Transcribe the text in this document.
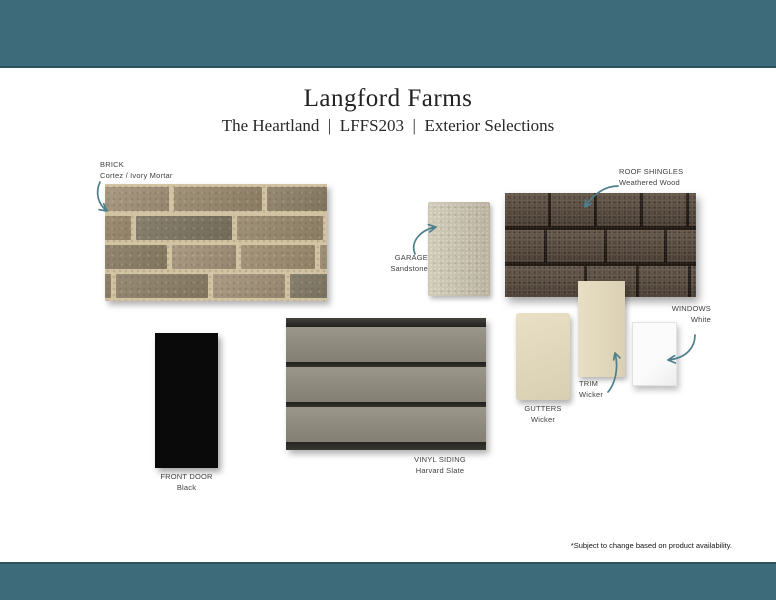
Langford Farms
The Heartland  |  LFFS203  |  Exterior Selections
BRICK
Cortez / Ivory Mortar
GARAGE
Sandstone
ROOF SHINGLES
Weathered Wood
WINDOWS
White
TRIM
Wicker
GUTTERS
Wicker
FRONT DOOR
Black
VINYL SIDING
Harvard Slate
*Subject to change based on product availability.
